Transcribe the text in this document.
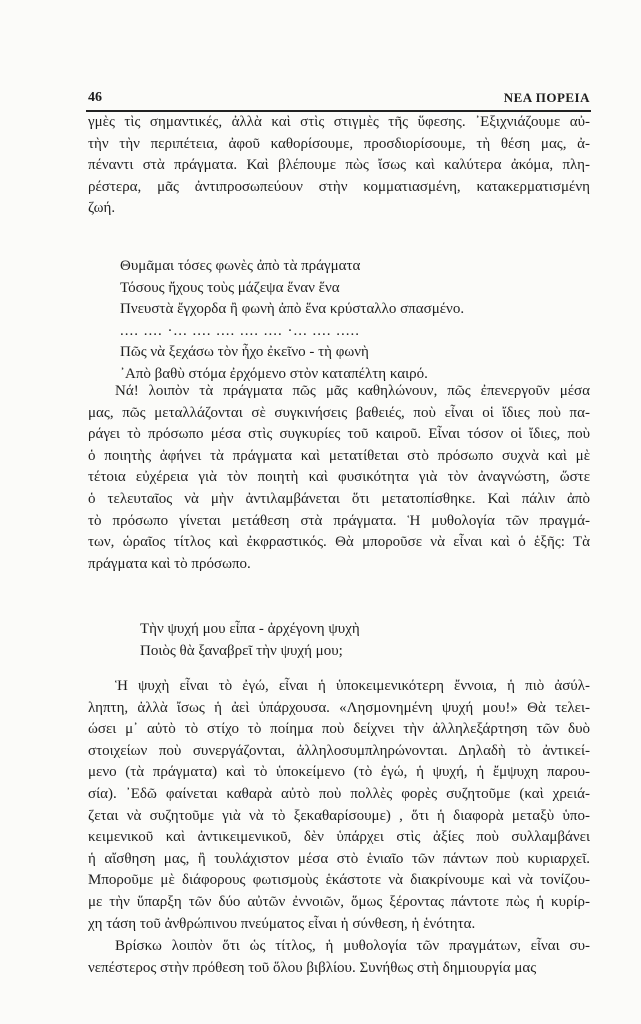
46	ΝΕΑ ΠΟΡΕΙΑ
γμὲς τὶς σημαντικές, ἀλλὰ καὶ στὶς στιγμὲς τῆς ὕφεσης. ᾿Εξιχνιάζουμε αὐ-
τὴν τὴν περιπέτεια, ἀφοῦ καθορίσουμε, προσδιορίσουμε, τὴ θέση μας, ἀ-
πέναντι στὰ πράγματα. Καὶ βλέπουμε πὼς ἴσως καὶ καλύτερα ἀκόμα, πλη-
ρέστερα, μᾶς ἀντιπροσωπεύουν στὴν κομματιασμένη, κατακερματισμένη
ζωή.
Θυμᾶμαι τόσες φωνὲς ἀπὸ τὰ πράγματα
Τόσους ἤχους τοὺς μάζεψα ἕναν ἕνα
Πνευστὰ ἔγχορδα ἢ φωνὴ ἀπὸ ἕνα κρύσταλλο σπασμένο.
.... .... ·... .... .... .... .... ·... .... .....
Πῶς νὰ ξεχάσω τὸν ἦχο ἐκεῖνο - τὴ φωνὴ
᾿Απὸ βαθὺ στόμα ἐρχόμενο στὸν καταπέλτη καιρό.
Νά! λοιπὸν τὰ πράγματα πῶς μᾶς καθηλώνουν, πῶς ἐπενεργοῦν μέσα
μας, πῶς μεταλλάζονται σὲ συγκινήσεις βαθειές, ποὺ εἶναι οἱ ἴδιες ποὺ πα-
ράγει τὸ πρόσωπο μέσα στὶς συγκυρίες τοῦ καιροῦ. Εἶναι τόσον οἱ ἴδιες, ποὺ
ὁ ποιητὴς ἀφήνει τὰ πράγματα καὶ μετατίθεται στὸ πρόσωπο συχνὰ καὶ μὲ
τέτοια εὐχέρεια γιὰ τὸν ποιητὴ καὶ φυσικότητα γιὰ τὸν ἀναγνώστη, ὥστε
ὁ τελευταῖος νὰ μὴν ἀντιλαμβάνεται ὅτι μετατοπίσθηκε. Καὶ πάλιν ἀπὸ
τὸ πρόσωπο γίνεται μετάθεση στὰ πράγματα. Ἡ μυθολογία τῶν πραγμά-
των, ὡραῖος τίτλος καὶ ἐκφραστικός. Θὰ μποροῦσε νὰ εἶναι καὶ ὁ ἑξῆς: Τὰ
πράγματα καὶ τὸ πρόσωπο.
Τὴν ψυχή μου εἶπα - ἀρχέγονη ψυχὴ
Ποιὸς θὰ ξαναβρεῖ τὴν ψυχή μου;
Ἡ ψυχὴ εἶναι τὸ ἐγώ, εἶναι ἡ ὑποκειμενικότερη ἔννοια, ἡ πιὸ ἀσύλ-
ληπτη, ἀλλὰ ἴσως ἡ ἀεὶ ὑπάρχουσα. «Λησμονημένη ψυχή μου!» Θὰ τελει-
ώσει μ᾿ αὐτὸ τὸ στίχο τὸ ποίημα ποὺ δείχνει τὴν ἀλληλεξάρτηση τῶν δυὸ
στοιχείων ποὺ συνεργάζονται, ἀλληλοσυμπληρώνονται. Δηλαδὴ τὸ ἀντικεί-
μενο (τὰ πράγματα) καὶ τὸ ὑποκείμενο (τὸ ἐγώ, ἡ ψυχή, ἡ ἔμψυχη παρου-
σία). ᾿Εδῶ φαίνεται καθαρὰ αὐτὸ ποὺ πολλὲς φορὲς συζητοῦμε (καὶ χρειά-
ζεται νὰ συζητοῦμε γιὰ νὰ τὸ ξεκαθαρίσουμε) , ὅτι ἡ διαφορὰ μεταξὺ ὑπο-
κειμενικοῦ καὶ ἀντικειμενικοῦ, δὲν ὑπάρχει στὶς ἀξίες ποὺ συλλαμβάνει
ἡ αἴσθηση μας, ἢ τουλάχιστον μέσα στὸ ἑνιαῖο τῶν πάντων ποὺ κυριαρχεῖ.
Μποροῦμε μὲ διάφορους φωτισμοὺς ἑκάστοτε νὰ διακρίνουμε καὶ νὰ τονίζου-
με τὴν ὕπαρξη τῶν δύο αὐτῶν ἐννοιῶν, ὅμως ξέροντας πάντοτε πὼς ἡ κυρίρ-
χη τάση τοῦ ἀνθρώπινου πνεύματος εἶναι ἡ σύνθεση, ἡ ἑνότητα.
Βρίσκω λοιπὸν ὅτι ὡς τίτλος, ἡ μυθολογία τῶν πραγμάτων, εἶναι συ-
νεπέστερος στὴν πρόθεση τοῦ ὅλου βιβλίου. Συνήθως στὴ δημιουργία μας
